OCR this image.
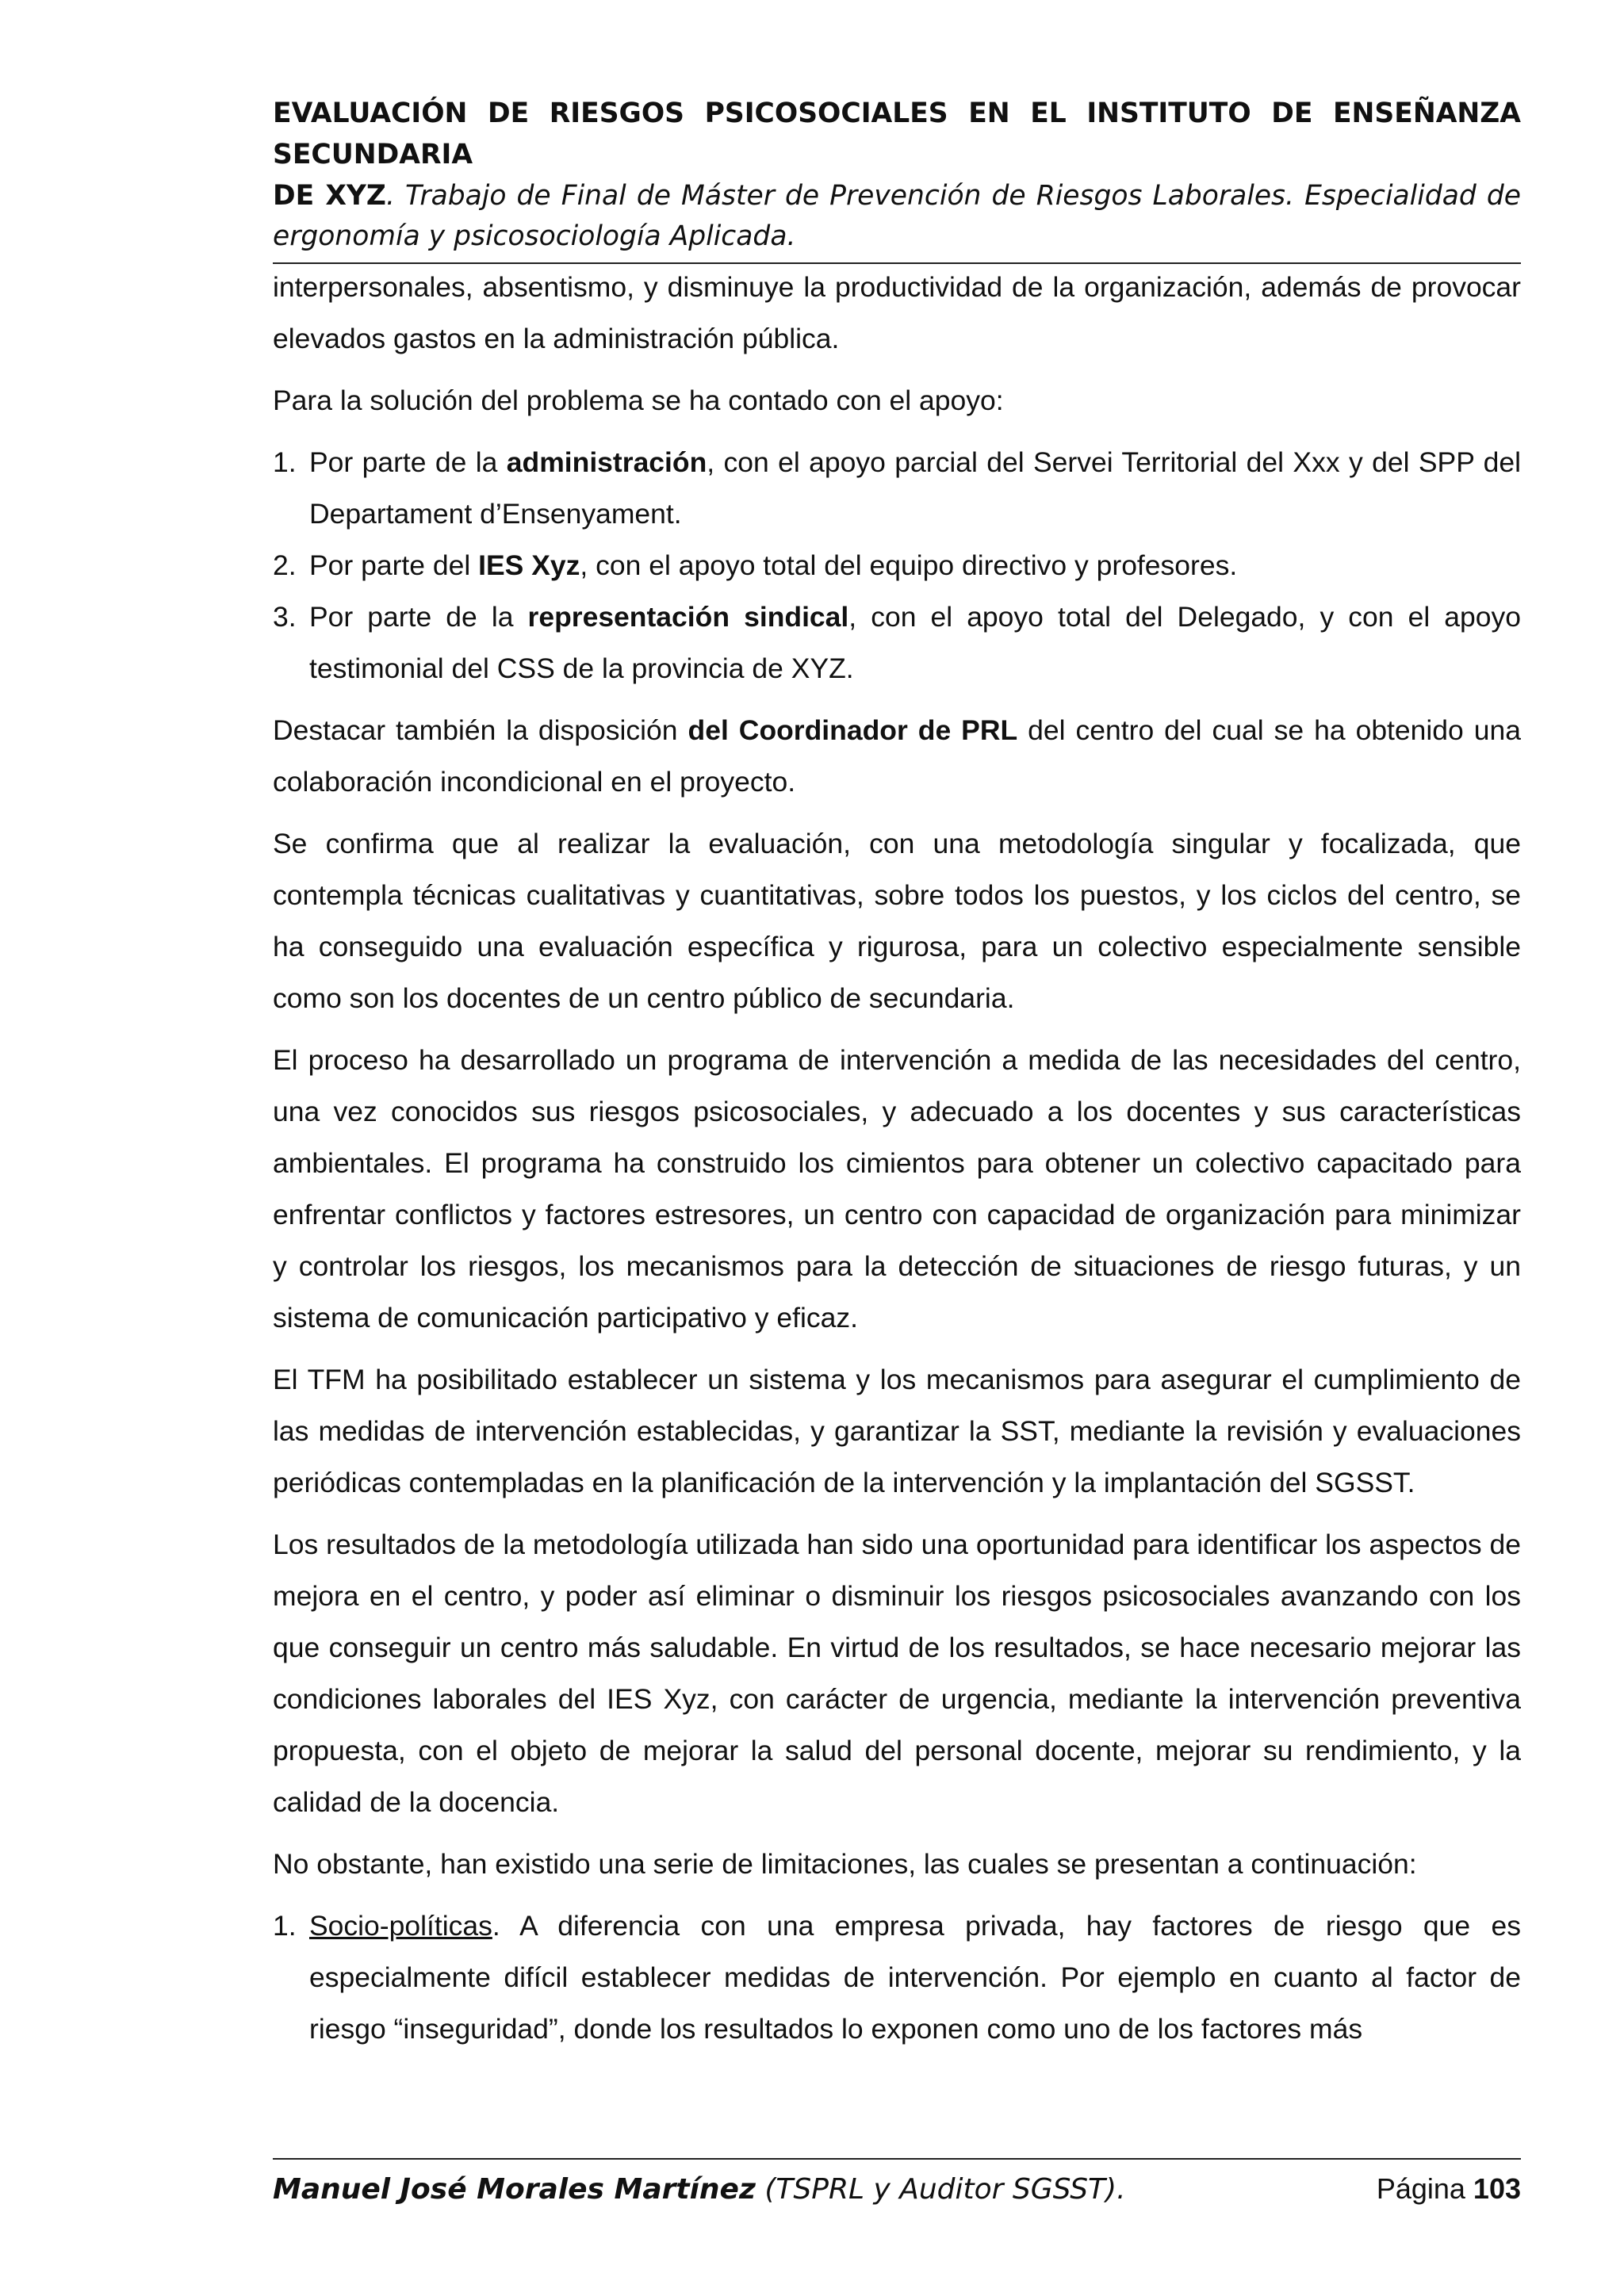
EVALUACIÓN DE RIESGOS PSICOSOCIALES EN EL INSTITUTO DE ENSEÑANZA SECUNDARIA
DE XYZ. Trabajo de Final de Máster de Prevención de Riesgos Laborales. Especialidad de
ergonomía y psicosociología Aplicada.

interpersonales, absentismo, y disminuye la productividad de la organización, además de provocar elevados gastos en la administración pública.

Para la solución del problema se ha contado con el apoyo:

1. Por parte de la administración, con el apoyo parcial del Servei Territorial del Xxx y del SPP del Departament d’Ensenyament.
2. Por parte del IES Xyz, con el apoyo total del equipo directivo y profesores.
3. Por parte de la representación sindical, con el apoyo total del Delegado, y con el apoyo testimonial del CSS de la provincia de XYZ.

Destacar también la disposición del Coordinador de PRL del centro del cual se ha obtenido una colaboración incondicional en el proyecto.

Se confirma que al realizar la evaluación, con una metodología singular y focalizada, que contempla técnicas cualitativas y cuantitativas, sobre todos los puestos, y los ciclos del centro, se ha conseguido una evaluación específica y rigurosa, para un colectivo especialmente sensible como son los docentes de un centro público de secundaria.

El proceso ha desarrollado un programa de intervención a medida de las necesidades del centro, una vez conocidos sus riesgos psicosociales, y adecuado a los docentes y sus características ambientales. El programa ha construido los cimientos para obtener un colectivo capacitado para enfrentar conflictos y factores estresores, un centro con capacidad de organización para minimizar y controlar los riesgos, los mecanismos para la detección de situaciones de riesgo futuras, y un sistema de comunicación participativo y eficaz.

El TFM ha posibilitado establecer un sistema y los mecanismos para asegurar el cumplimiento de las medidas de intervención establecidas, y garantizar la SST, mediante la revisión y evaluaciones periódicas contempladas en la planificación de la intervención y la implantación del SGSST.

Los resultados de la metodología utilizada han sido una oportunidad para identificar los aspectos de mejora en el centro, y poder así eliminar o disminuir los riesgos psicosociales avanzando con los que conseguir un centro más saludable. En virtud de los resultados, se hace necesario mejorar las condiciones laborales del IES Xyz, con carácter de urgencia, mediante la intervención preventiva propuesta, con el objeto de mejorar la salud del personal docente, mejorar su rendimiento, y la calidad de la docencia.

No obstante, han existido una serie de limitaciones, las cuales se presentan a continuación:

1. Socio-políticas. A diferencia con una empresa privada, hay factores de riesgo que es especialmente difícil establecer medidas de intervención. Por ejemplo en cuanto al factor de riesgo “inseguridad”, donde los resultados lo exponen como uno de los factores más
Manuel José Morales Martínez (TSPRL y Auditor SGSST).	Página 103
